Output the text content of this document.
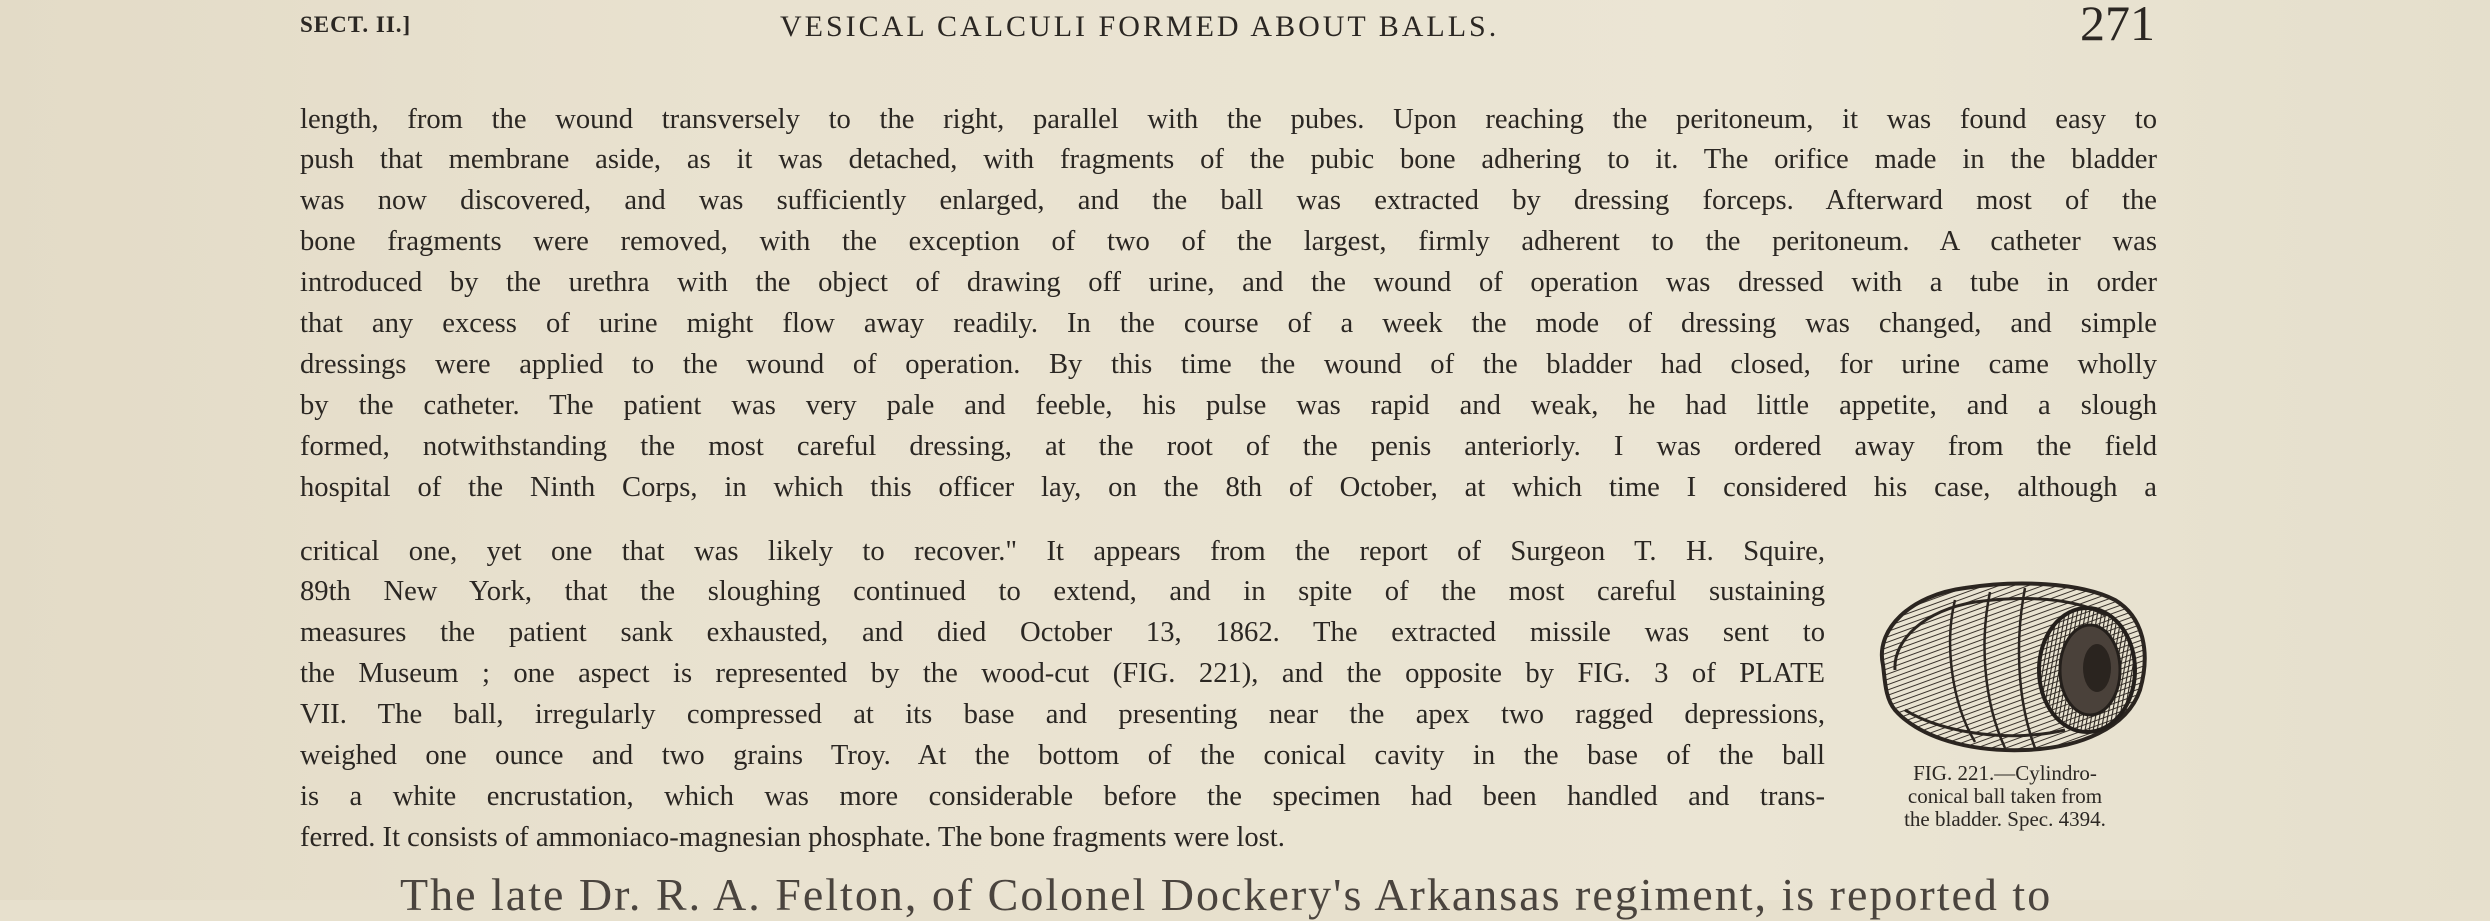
SECT. II.]	VESICAL CALCULI FORMED ABOUT BALLS.	271
length, from the wound transversely to the right, parallel with the pubes. Upon reaching the peritoneum, it was found easy to
push that membrane aside, as it was detached, with fragments of the pubic bone adhering to it. The orifice made in the bladder
was now discovered, and was sufficiently enlarged, and the ball was extracted by dressing forceps. Afterward most of the
bone fragments were removed, with the exception of two of the largest, firmly adherent to the peritoneum. A catheter was
introduced by the urethra with the object of drawing off urine, and the wound of operation was dressed with a tube in order
that any excess of urine might flow away readily. In the course of a week the mode of dressing was changed, and simple
dressings were applied to the wound of operation. By this time the wound of the bladder had closed, for urine came wholly
by the catheter. The patient was very pale and feeble, his pulse was rapid and weak, he had little appetite, and a slough
formed, notwithstanding the most careful dressing, at the root of the penis anteriorly. I was ordered away from the field
hospital of the Ninth Corps, in which this officer lay, on the 8th of October, at which time I considered his case, although a
critical one, yet one that was likely to recover." It appears from the report of Surgeon T. H. Squire,
89th New York, that the sloughing continued to extend, and in spite of the most careful sustaining
measures the patient sank exhausted, and died October 13, 1862. The extracted missile was sent to
the Museum ; one aspect is represented by the wood-cut (FIG. 221), and the opposite by FIG. 3 of PLATE
VII. The ball, irregularly compressed at its base and presenting near the apex two ragged depressions,
weighed one ounce and two grains Troy. At the bottom of the conical cavity in the base of the ball
is a white encrustation, which was more considerable before the specimen had been handled and trans-
ferred. It consists of ammoniaco-magnesian phosphate. The bone fragments were lost.
FIG. 221.—Cylindro-
conical ball taken from
the bladder. Spec. 4394.
The late Dr. R. A. Felton, of Colonel Dockery's Arkansas regiment, is reported to
